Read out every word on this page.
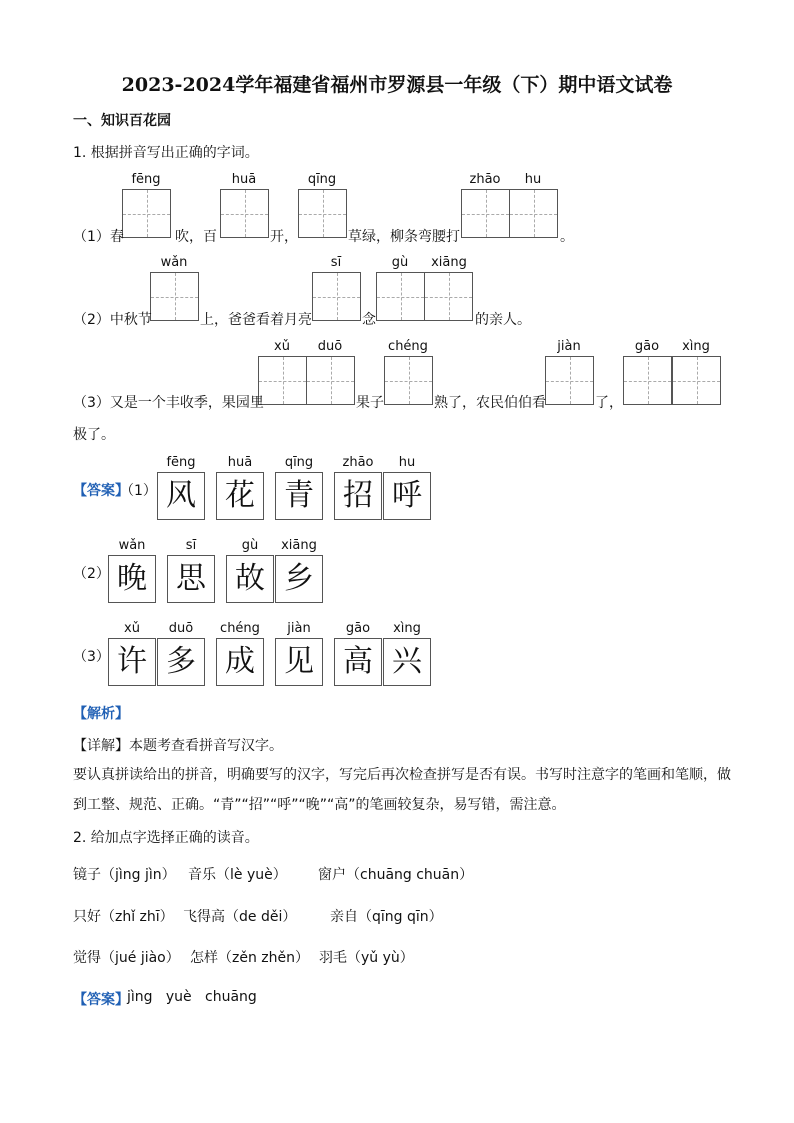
2023-2024学年福建省福州市罗源县一年级（下）期中语文试卷
一、知识百花园
1. 根据拼音写出正确的字词。
fēng	huā	qīng	zhāo	hu
（1）春	吹，百	开，	草绿，柳条弯腰打	。
wǎn	sī	gù	xiāng
（2）中秋节	上，爸爸看着月亮	念	的亲人。
xǔ	duō	chéng	jiàn	gāo	xìng
（3）又是一个丰收季，果园里	果子	熟了，农民伯伯看	了，
极了。
【答案】
（1）
fēng	huā	qīng	zhāo	hu
风 花 青 招 呼
（2）
wǎn	sī	gù	xiāng
晚 思 故 乡
（3）
xǔ	duō	chéng	jiàn	gāo	xìng
许 多 成 见 高 兴
【解析】
【详解】本题考查看拼音写汉字。
要认真拼读给出的拼音，明确要写的汉字，写完后再次检查拼写是否有误。书写时注意字的笔画和笔顺，做到工整、规范、正确。“青”“招”“呼”“晚”“高”的笔画较复杂，易写错，需注意。
2. 给加点字选择正确的读音。
镜子（jìng jìn） 音乐（lè yuè） 窗户（chuāng chuān）
只好（zhǐ zhī） 飞得高（de děi） 亲自（qīng qīn）
觉得（jué jiào） 怎样（zěn zhěn） 羽毛（yǔ yù）
【答案】
jìng   yuè   chuāng
